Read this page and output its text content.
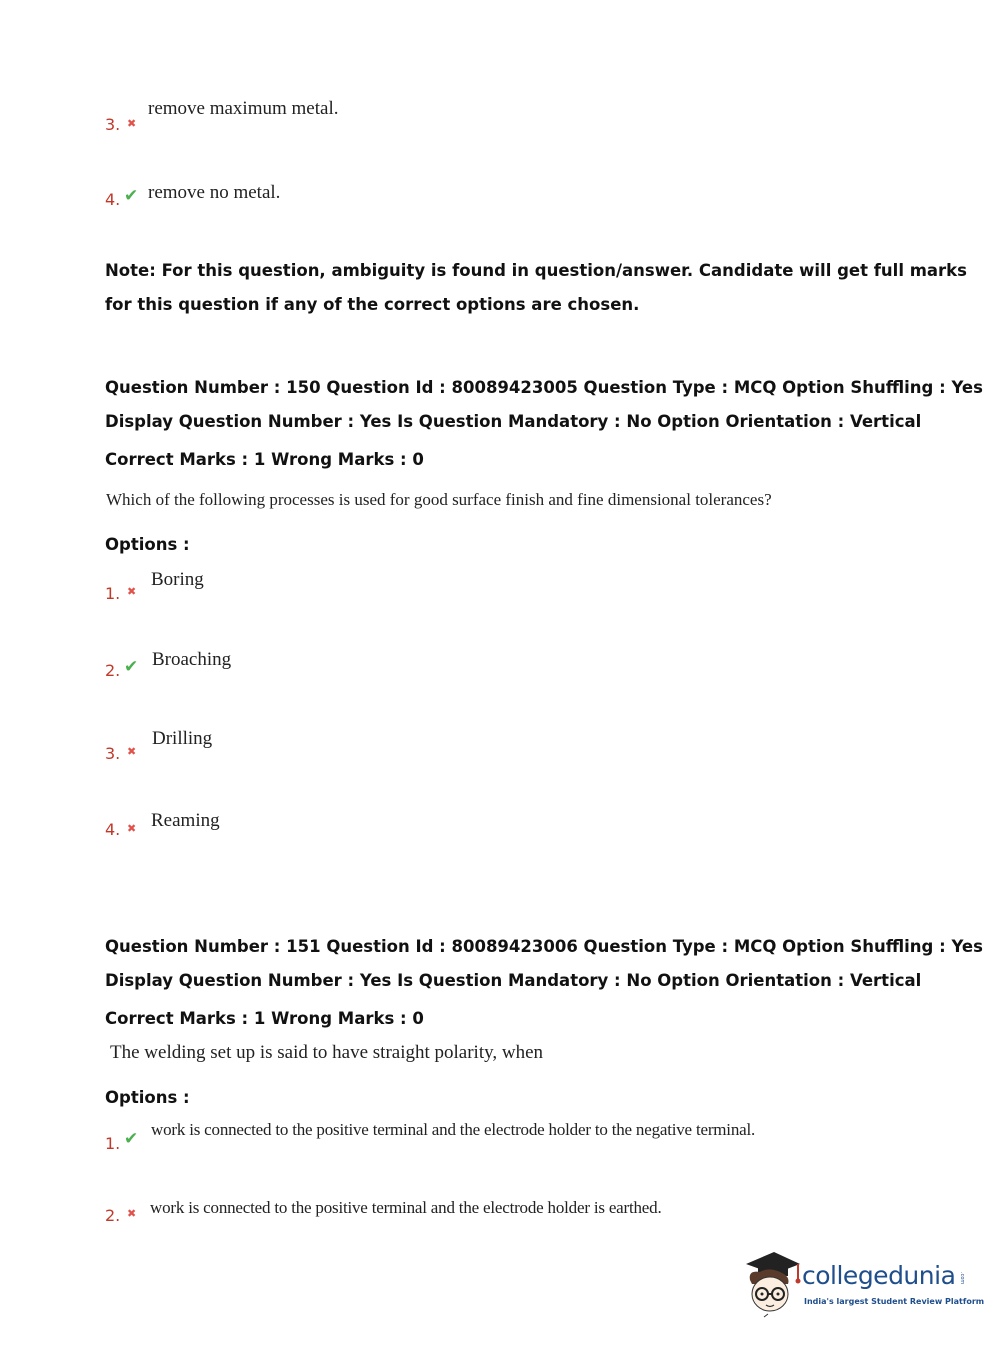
3. ✖
remove maximum metal.
4. ✔ remove no metal.
Note: For this question, ambiguity is found in question/answer. Candidate will get full marks
for this question if any of the correct options are chosen.
Question Number : 150 Question Id : 80089423005 Question Type : MCQ Option Shuffling : Yes
Display Question Number : Yes Is Question Mandatory : No Option Orientation : Vertical
Correct Marks : 1 Wrong Marks : 0
Which of the following processes is used for good surface finish and fine dimensional tolerances?
Options :
1. ✖
Boring
2. ✔ Broaching
3. ✖
Drilling
4. ✖ Reaming
Question Number : 151 Question Id : 80089423006 Question Type : MCQ Option Shuffling : Yes
Display Question Number : Yes Is Question Mandatory : No Option Orientation : Vertical
Correct Marks : 1 Wrong Marks : 0
The welding set up is said to have straight polarity, when
Options :
1. ✔ work is connected to the positive terminal and the electrode holder to the negative terminal.
2. ✖ work is connected to the positive terminal and the electrode holder is earthed.
collegedunia .com
India's largest Student Review Platform
